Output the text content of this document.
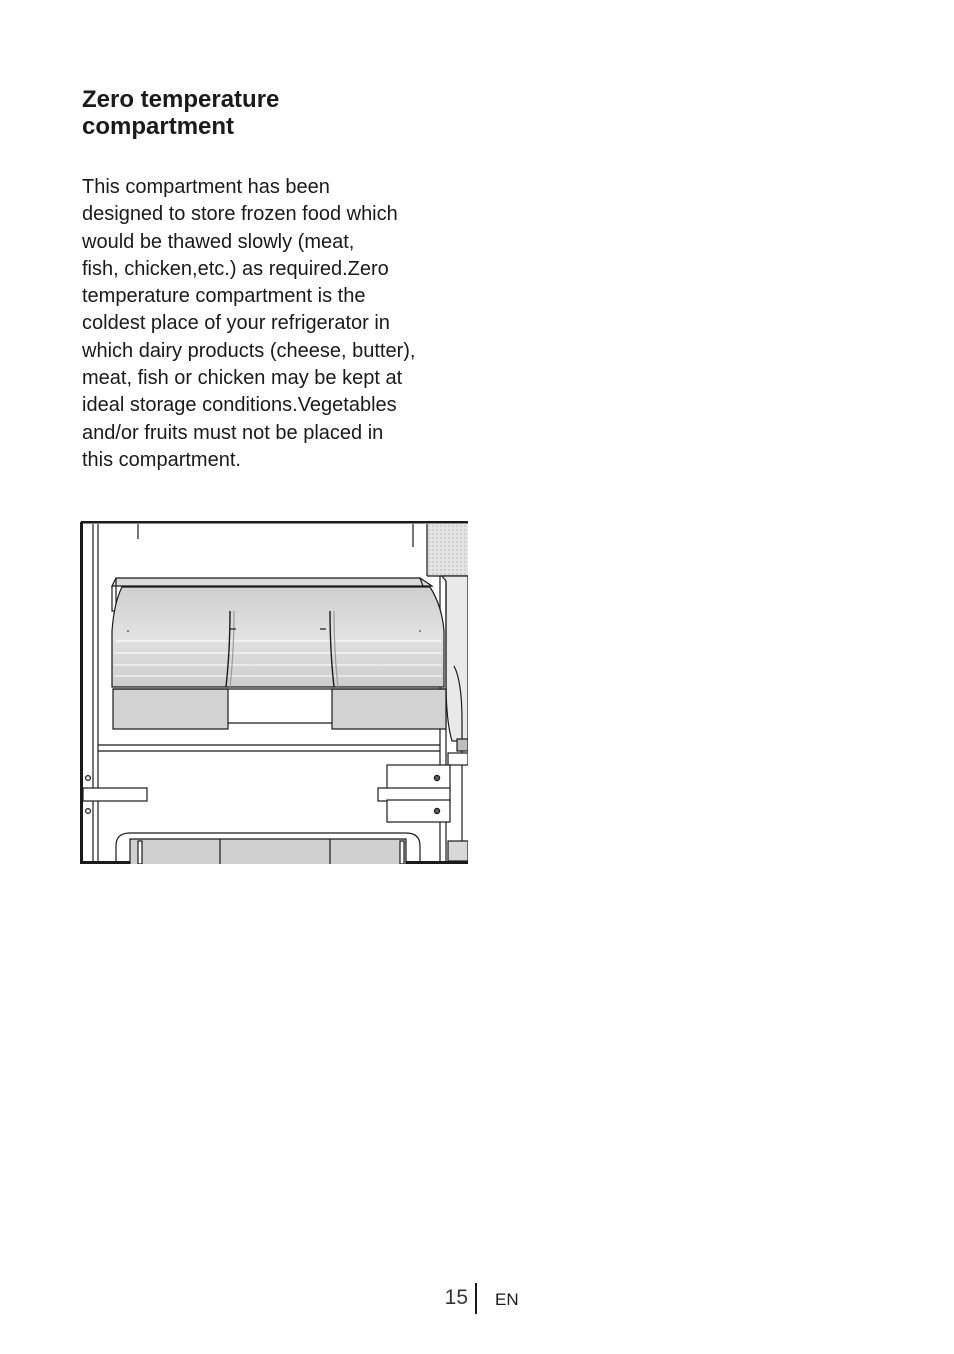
Zero temperature
compartment

This compartment has been
designed to store frozen food which
would be thawed slowly (meat,
fish, chicken,etc.) as required.Zero
temperature compartment is the
coldest place of your refrigerator in
which dairy products (cheese, butter),
meat, fish or chicken may be kept at
ideal storage conditions.Vegetables
and/or fruits must not be placed in
this compartment.

15 EN
